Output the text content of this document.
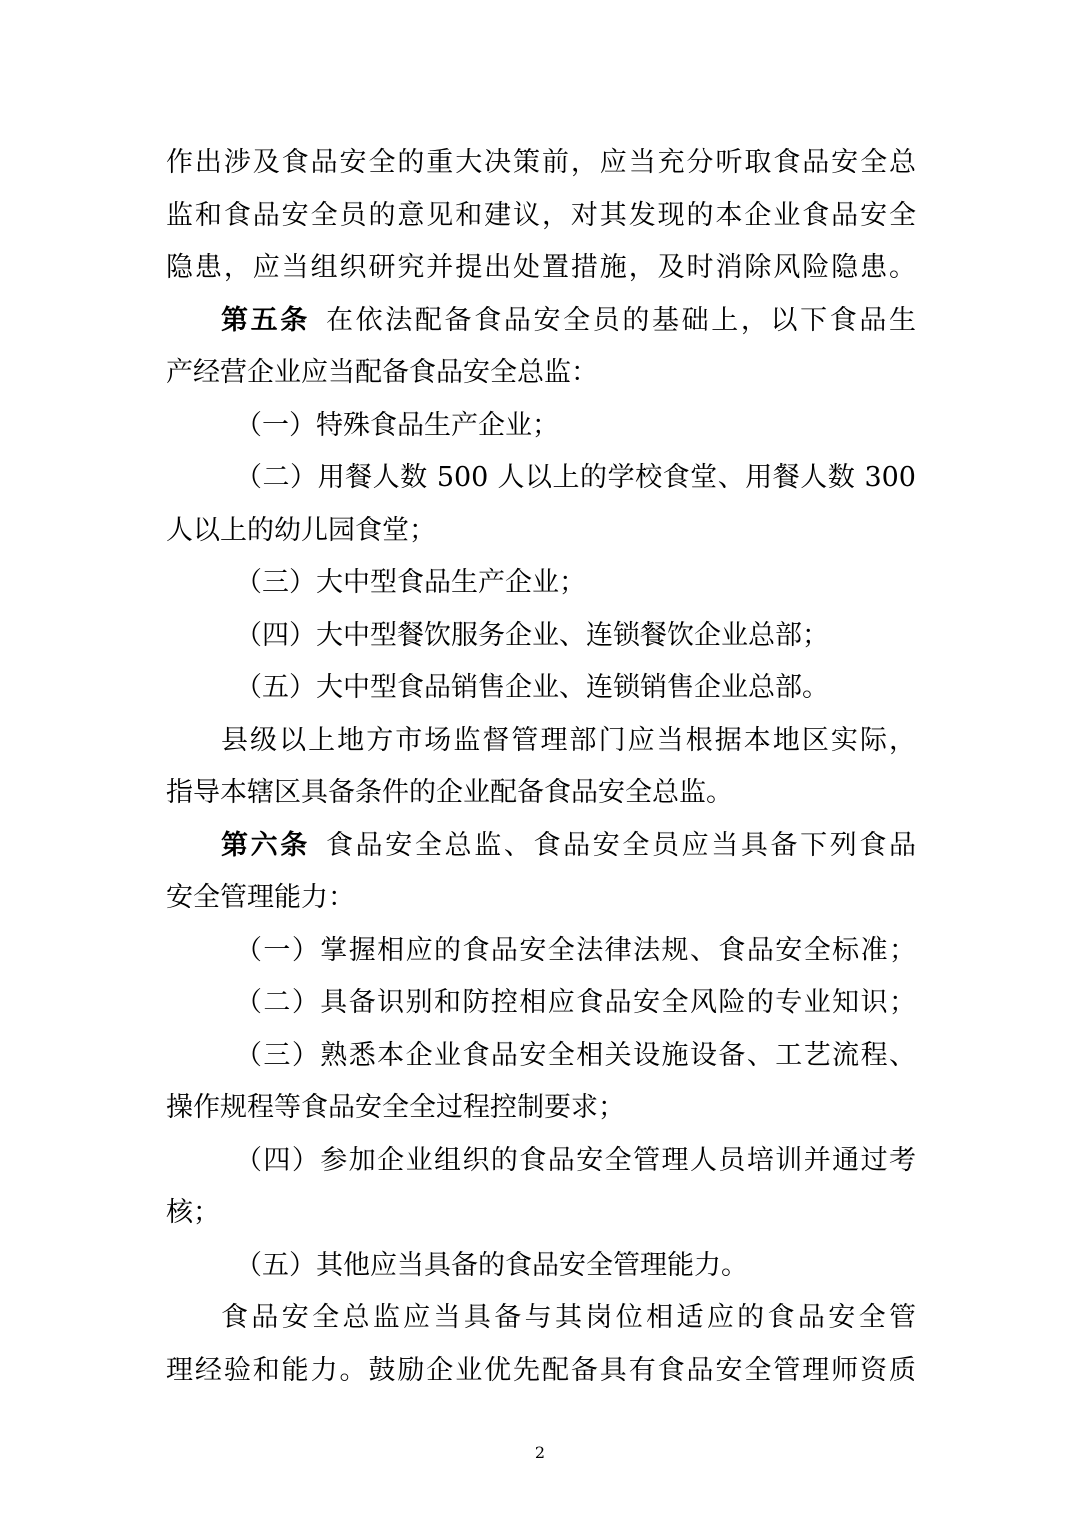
作出涉及食品安全的重大决策前，应当充分听取食品安全总
监和食品安全员的意见和建议，对其发现的本企业食品安全
隐患，应当组织研究并提出处置措施，及时消除风险隐患。
第五条  在依法配备食品安全员的基础上，以下食品生
产经营企业应当配备食品安全总监：
（一）特殊食品生产企业；
（二）用餐人数 500 人以上的学校食堂、用餐人数 300
人以上的幼儿园食堂；
（三）大中型食品生产企业；
（四）大中型餐饮服务企业、连锁餐饮企业总部；
（五）大中型食品销售企业、连锁销售企业总部。
县级以上地方市场监督管理部门应当根据本地区实际，
指导本辖区具备条件的企业配备食品安全总监。
第六条  食品安全总监、食品安全员应当具备下列食品
安全管理能力：
（一）掌握相应的食品安全法律法规、食品安全标准；
（二）具备识别和防控相应食品安全风险的专业知识；
（三）熟悉本企业食品安全相关设施设备、工艺流程、
操作规程等食品安全全过程控制要求；
（四）参加企业组织的食品安全管理人员培训并通过考
核；
（五）其他应当具备的食品安全管理能力。
食品安全总监应当具备与其岗位相适应的食品安全管
理经验和能力。鼓励企业优先配备具有食品安全管理师资质
2
